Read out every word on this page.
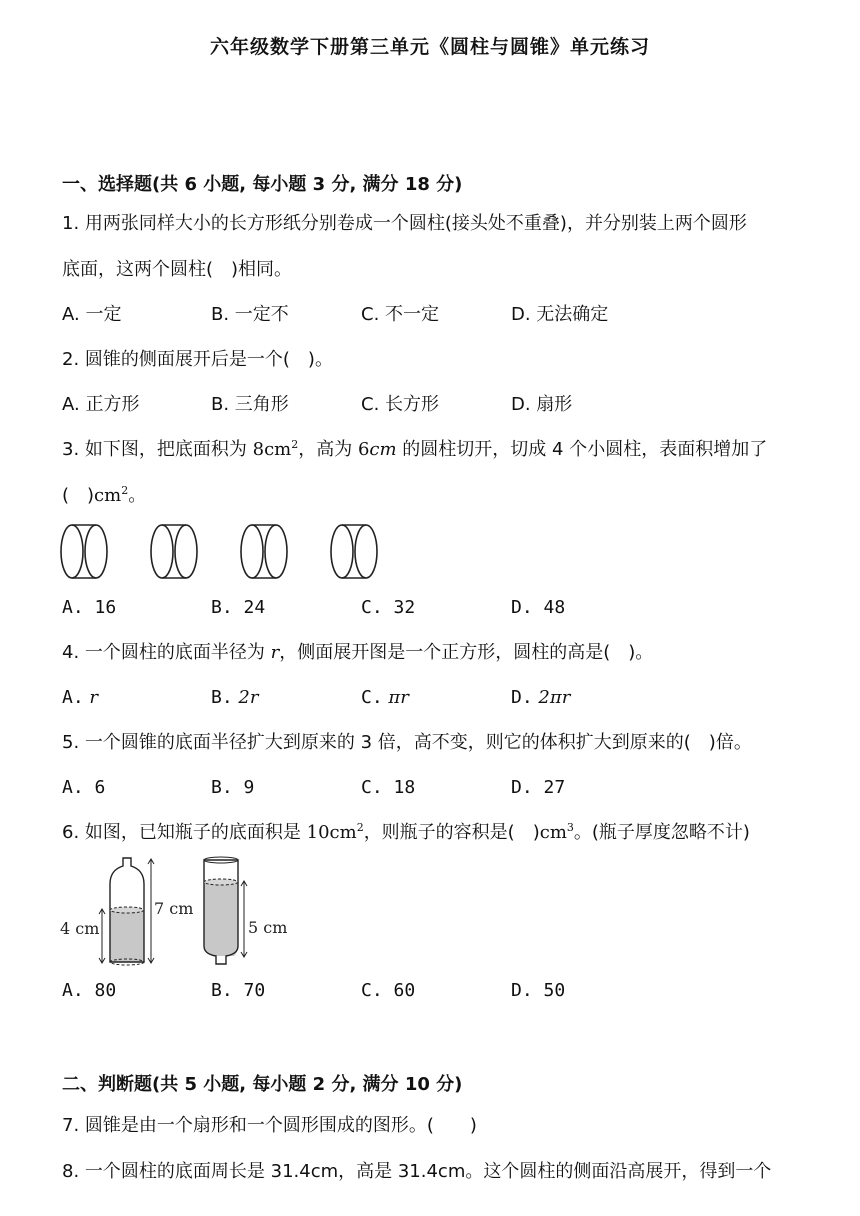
六年级数学下册第三单元《圆柱与圆锥》单元练习
一、选择题(共 6 小题, 每小题 3 分, 满分 18 分)
1. 用两张同样大小的长方形纸分别卷成一个圆柱(接头处不重叠)，并分别装上两个圆形
底面，这两个圆柱(　)相同。
A. 一定	B. 一定不	C. 不一定	D. 无法确定
2. 圆锥的侧面展开后是一个(　)。
A. 正方形	B. 三角形	C. 长方形	D. 扇形
3. 如下图，把底面积为 $8cm^2$，高为 6cm 的圆柱切开，切成 4 个小圆柱，表面积增加了
(　)$cm^2$。
A. 16	B. 24	C. 32	D. 48
4. 一个圆柱的底面半径为 r，侧面展开图是一个正方形，圆柱的高是(　)。
A. r	B. 2r	C. πr	D. 2πr
5. 一个圆锥的底面半径扩大到原来的 3 倍，高不变，则它的体积扩大到原来的(　)倍。
A. 6	B. 9	C. 18	D. 27
6. 如图，已知瓶子的底面积是 $10cm^2$，则瓶子的容积是(　)$cm^3$。(瓶子厚度忽略不计)
4 cm
7 cm
5 cm
A. 80	B. 70	C. 60	D. 50
二、判断题(共 5 小题, 每小题 2 分, 满分 10 分)
7. 圆锥是由一个扇形和一个圆形围成的图形。(　　)
8. 一个圆柱的底面周长是 31.4cm，高是 31.4cm。这个圆柱的侧面沿高展开，得到一个
